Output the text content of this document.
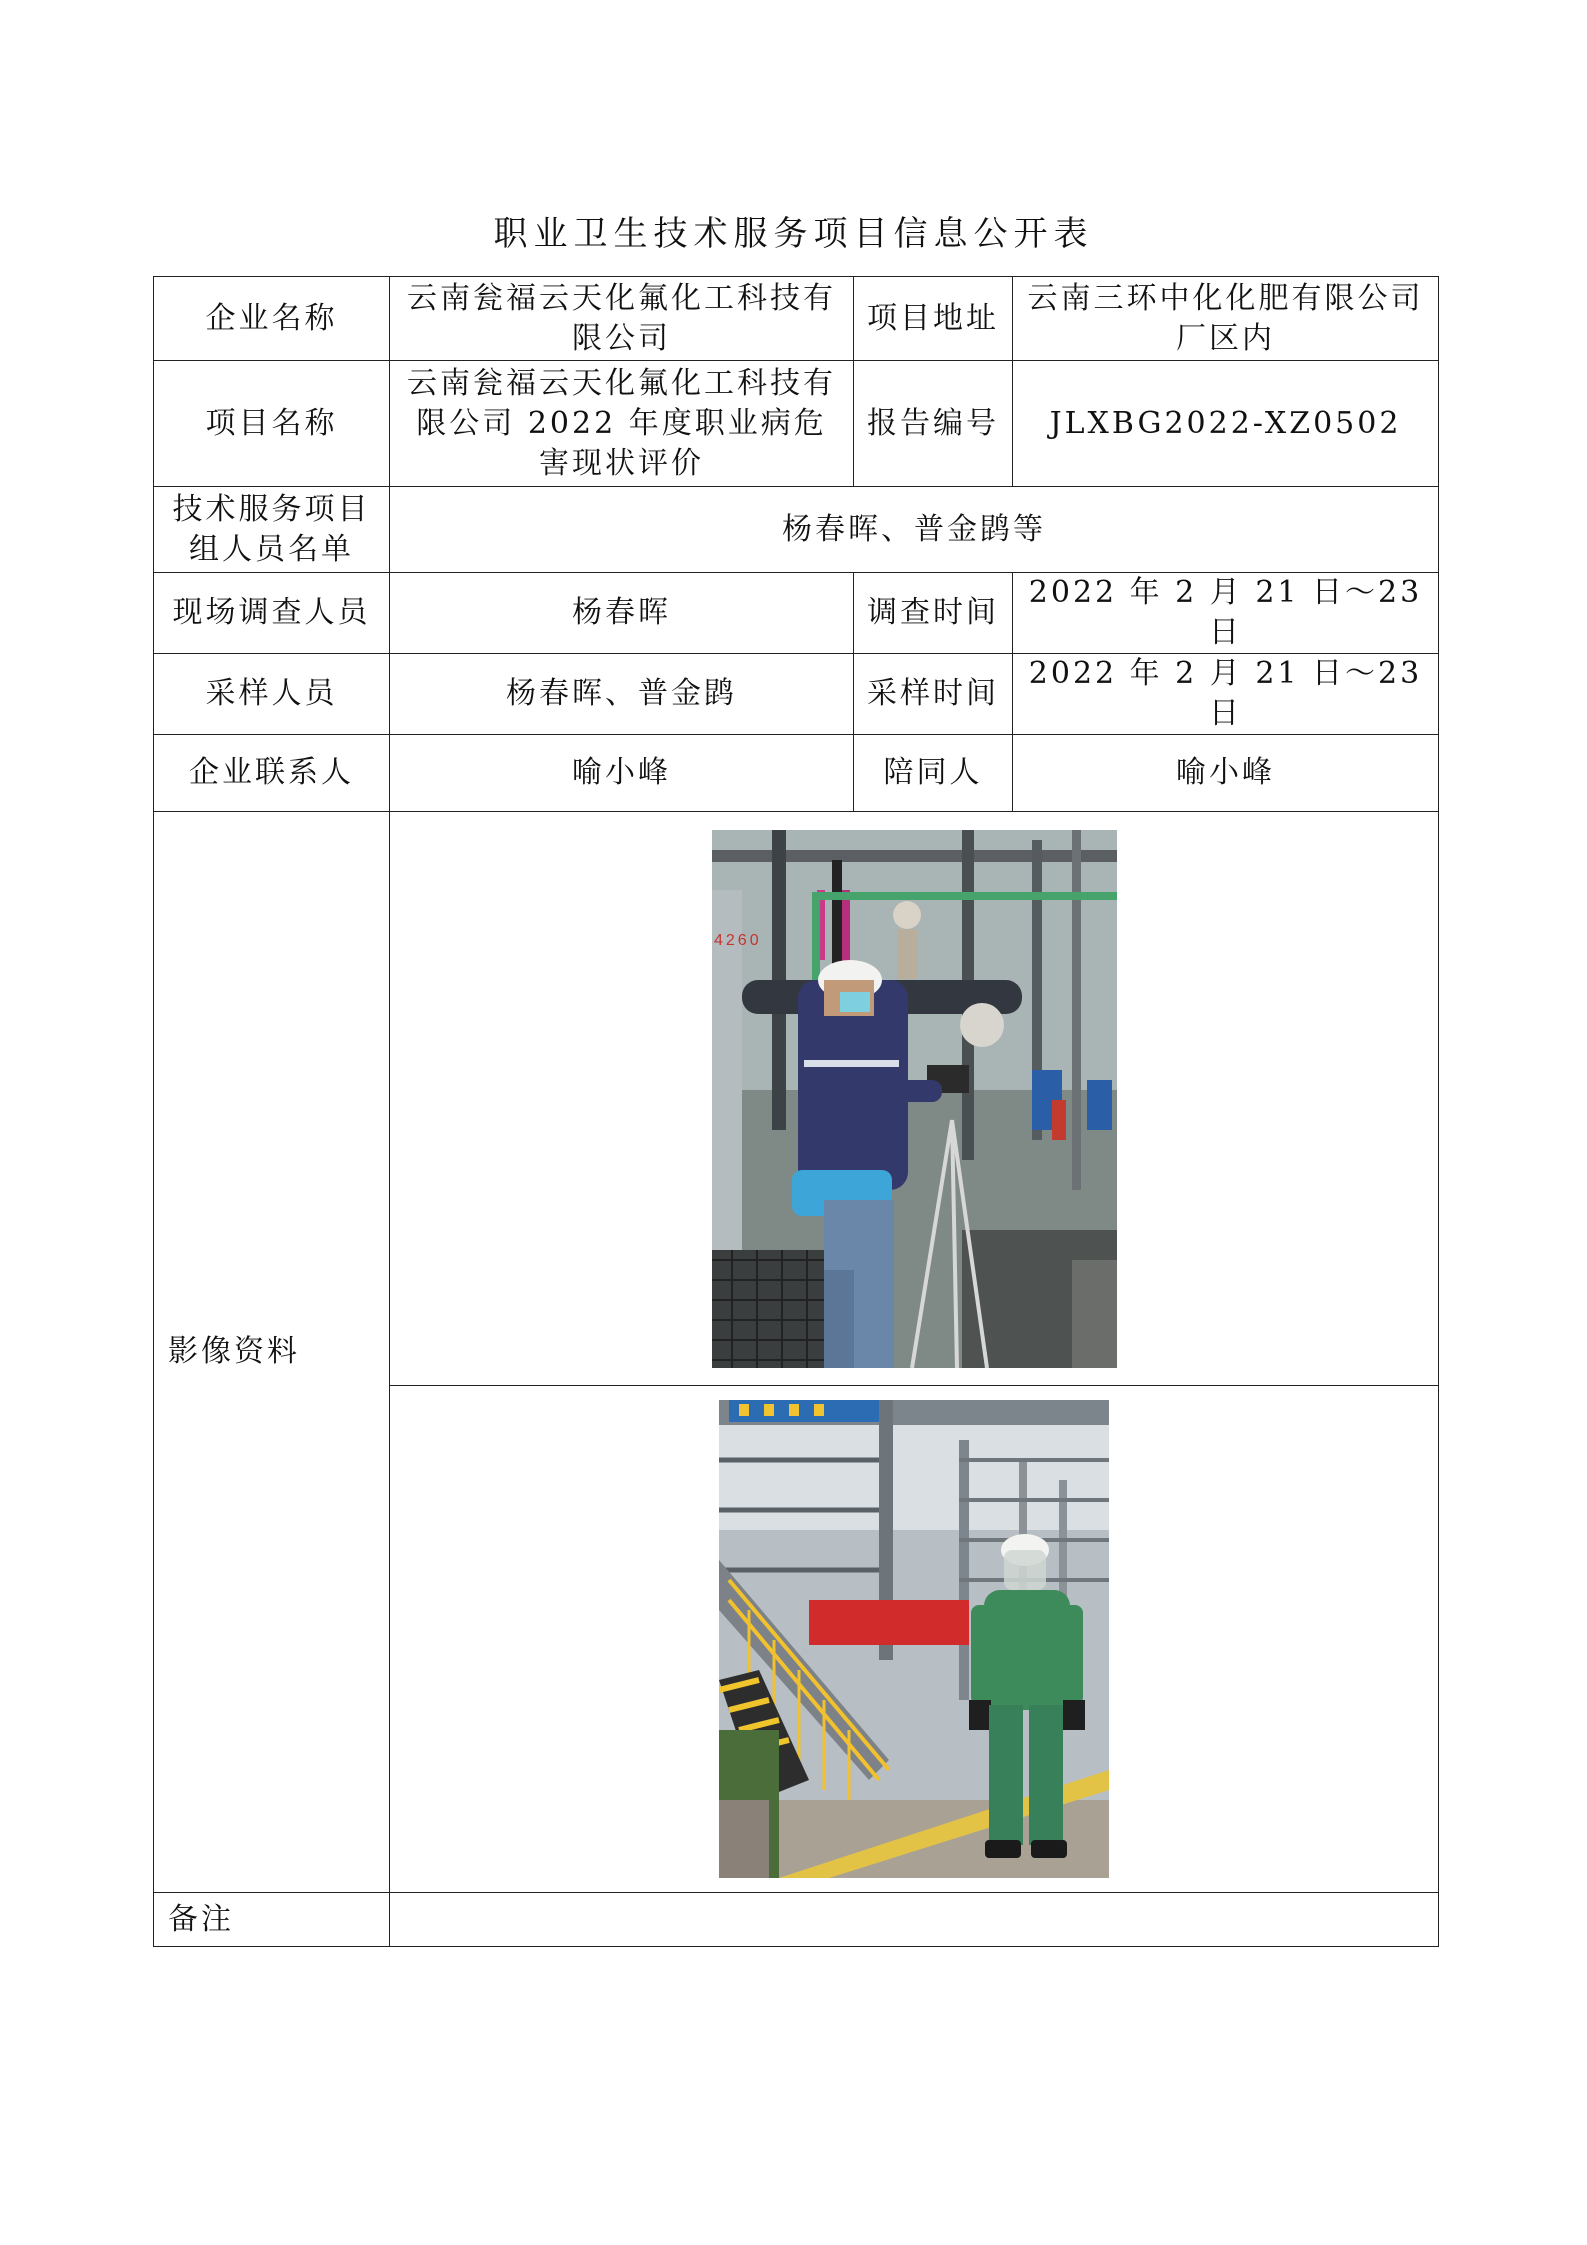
职业卫生技术服务项目信息公开表
企业名称	云南瓮福云天化氟化工科技有限公司	项目地址	云南三环中化化肥有限公司厂区内
项目名称	云南瓮福云天化氟化工科技有限公司 2022 年度职业病危害现状评价	报告编号	JLXBG2022-XZ0502
技术服务项目组人员名单	杨春晖、普金鹍等		
现场调查人员	杨春晖	调查时间	2022 年 2 月 21 日～23 日
采样人员	杨春晖、普金鹍	采样时间	2022 年 2 月 21 日～23 日
企业联系人	喻小峰	陪同人	喻小峰
影像资料	4260		

备注			
